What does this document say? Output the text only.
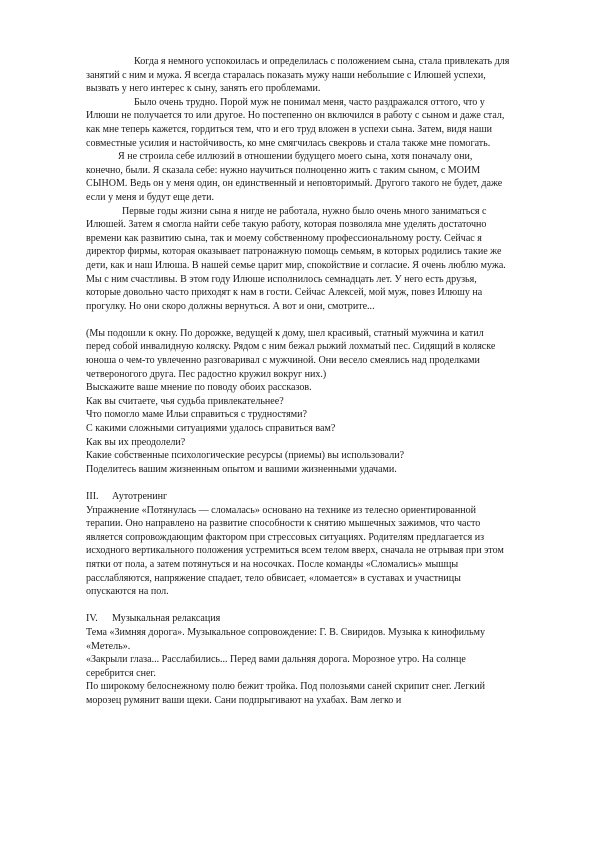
Когда я немного успокоилась и определилась с положением сына, стала привлекать для занятий с ним и мужа. Я всегда старалась показать мужу наши небольшие с Илюшей успехи, вызвать у него интерес к сыну, занять его проблемами.

Было очень трудно. Порой муж не понимал меня, часто раздражался оттого, что у Илюши не получается то или другое. Но постепенно он включился в работу с сыном и даже стал, как мне теперь кажется, гордиться тем, что и его труд вложен в успехи сына. Затем, видя наши совместные усилия и настойчивость, ко мне смягчилась свекровь и стала также мне помогать.

Я не строила себе иллюзий в отношении будущего моего сына, хотя поначалу они, конечно, были. Я сказала себе: нужно научиться полноценно жить с таким сыном, с МОИМ СЫНОМ. Ведь он у меня один, он единственный и неповторимый. Другого такого не будет, даже если у меня и будут еще дети.

Первые годы жизни сына я нигде не работала, нужно было очень много заниматься с Илюшей. Затем я смогла найти себе такую работу, которая позволяла мне уделять достаточно времени как развитию сына, так и моему собственному профессиональному росту. Сейчас я директор фирмы, которая оказывает патронажную помощь семьям, в которых родились такие же дети, как и наш Илюша. В нашей семье царит мир, спокойствие и согласие. Я очень люблю мужа. Мы с ним счастливы. В этом году Илюше исполнилось семнадцать лет. У него есть друзья, которые довольно часто приходят к нам в гости. Сейчас Алексей, мой муж, повез Илюшу на прогулку. Но они скоро должны вернуться. А вот и они, смотрите...

(Мы подошли к окну. По дорожке, ведущей к дому, шел красивый, статный мужчина и катил перед собой инвалидную коляску. Рядом с ним бежал рыжий лохматый пес. Сидящий в коляске юноша о чем-то увлеченно разговаривал с мужчиной. Они весело смеялись над проделками четвероногого друга. Пес радостно кружил вокруг них.)

Выскажите ваше мнение по поводу обоих рассказов.

Как вы считаете, чья судьба привлекательнее?

Что помогло маме Ильи справиться с трудностями?

С какими сложными ситуациями удалось справиться вам?

Как вы их преодолели?

Какие собственные психологические ресурсы (приемы) вы использовали?

Поделитесь вашим жизненным опытом и вашими жизненными удачами.

III. Аутотренинг

Упражнение «Потянулась — сломалась» основано на технике из телесно ориентированной терапии. Оно направлено на развитие способности к снятию мышечных зажимов, что часто является сопровождающим фактором при стрессовых ситуациях. Родителям предлагается из исходного вертикального положения устремиться всем телом вверх, сначала не отрывая при этом пятки от пола, а затем потянуться и на носочках. После команды «Сломались» мышцы расслабляются, напряжение спадает, тело обвисает, «ломается» в суставах и участницы опускаются на пол.

IV. Музыкальная релаксация

Тема «Зимняя дорога». Музыкальное сопровождение: Г. В. Свиридов. Музыка к кинофильму «Метель».

«Закрыли глаза... Расслабились... Перед вами дальняя дорога. Морозное утро. На солнце серебрится снег.

По широкому белоснежному полю бежит тройка. Под полозьями саней скрипит снег. Легкий морозец румянит ваши щеки. Сани подпрыгивают на ухабах. Вам легко и
